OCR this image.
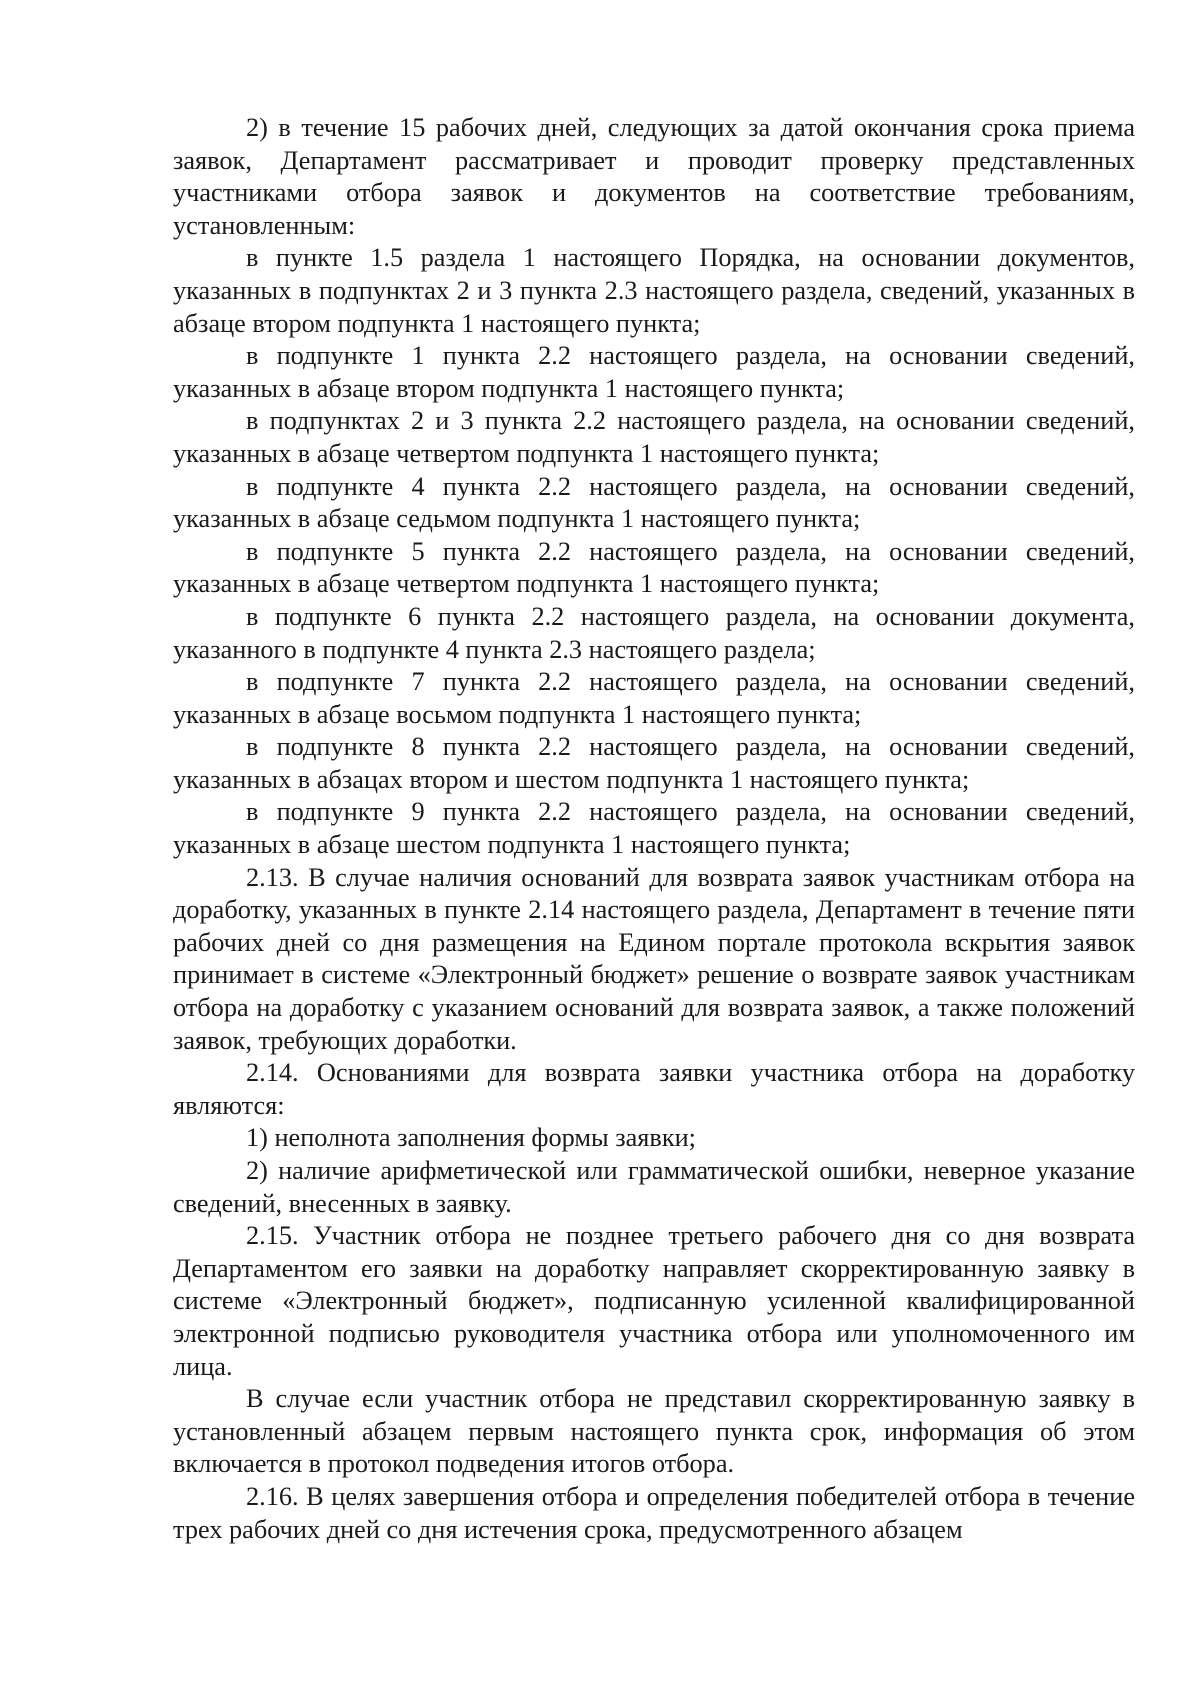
2) в течение 15 рабочих дней, следующих за датой окончания срока приема заявок, Департамент рассматривает и проводит проверку представленных участниками отбора заявок и документов на соответствие требованиям, установленным:

в пункте 1.5 раздела 1 настоящего Порядка, на основании документов, указанных в подпунктах 2 и 3 пункта 2.3 настоящего раздела, сведений, указанных в абзаце втором подпункта 1 настоящего пункта;

в подпункте 1 пункта 2.2 настоящего раздела, на основании сведений, указанных в абзаце втором подпункта 1 настоящего пункта;

в подпунктах 2 и 3 пункта 2.2 настоящего раздела, на основании сведений, указанных в абзаце четвертом подпункта 1 настоящего пункта;

в подпункте 4 пункта 2.2 настоящего раздела, на основании сведений, указанных в абзаце седьмом подпункта 1 настоящего пункта;

в подпункте 5 пункта 2.2 настоящего раздела, на основании сведений, указанных в абзаце четвертом подпункта 1 настоящего пункта;

в подпункте 6 пункта 2.2 настоящего раздела, на основании документа, указанного в подпункте 4 пункта 2.3 настоящего раздела;

в подпункте 7 пункта 2.2 настоящего раздела, на основании сведений, указанных в абзаце восьмом подпункта 1 настоящего пункта;

в подпункте 8 пункта 2.2 настоящего раздела, на основании сведений, указанных в абзацах втором и шестом подпункта 1 настоящего пункта;

в подпункте 9 пункта 2.2 настоящего раздела, на основании сведений, указанных в абзаце шестом подпункта 1 настоящего пункта;

2.13. В случае наличия оснований для возврата заявок участникам отбора на доработку, указанных в пункте 2.14 настоящего раздела, Департамент в течение пяти рабочих дней со дня размещения на Едином портале протокола вскрытия заявок принимает в системе «Электронный бюджет» решение о возврате заявок участникам отбора на доработку с указанием оснований для возврата заявок, а также положений заявок, требующих доработки.

2.14. Основаниями для возврата заявки участника отбора на доработку являются:

1) неполнота заполнения формы заявки;

2) наличие арифметической или грамматической ошибки, неверное указание сведений, внесенных в заявку.

2.15. Участник отбора не позднее третьего рабочего дня со дня возврата Департаментом его заявки на доработку направляет скорректированную заявку в системе «Электронный бюджет», подписанную усиленной квалифицированной электронной подписью руководителя участника отбора или уполномоченного им лица.

В случае если участник отбора не представил скорректированную заявку в установленный абзацем первым настоящего пункта срок, информация об этом включается в протокол подведения итогов отбора.

2.16. В целях завершения отбора и определения победителей отбора в течение трех рабочих дней со дня истечения срока, предусмотренного абзацем
